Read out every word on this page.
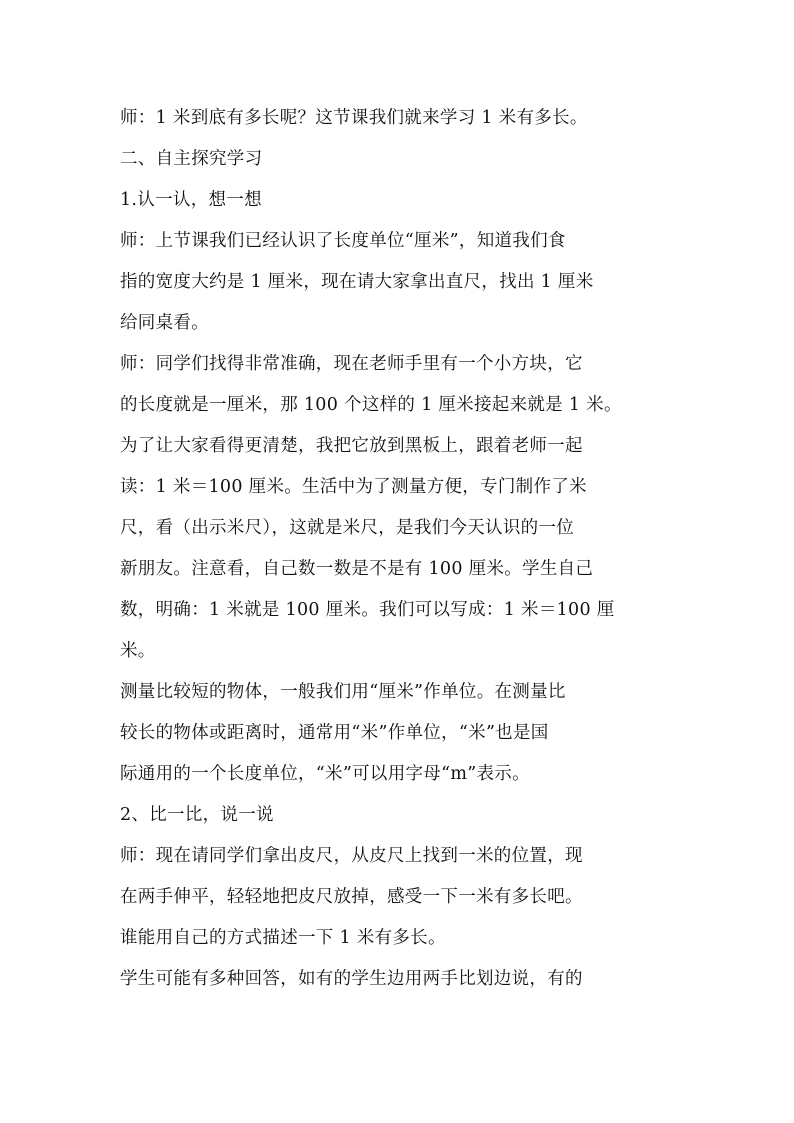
师：1 米到底有多长呢？这节课我们就来学习 1 米有多长。
二、自主探究学习
1.认一认，想一想
师：上节课我们已经认识了长度单位“厘米”，知道我们食
指的宽度大约是 1 厘米，现在请大家拿出直尺，找出 1 厘米
给同桌看。
师：同学们找得非常准确，现在老师手里有一个小方块，它
的长度就是一厘米，那 100 个这样的 1 厘米接起来就是 1 米。
为了让大家看得更清楚，我把它放到黑板上，跟着老师一起
读：1 米＝100 厘米。生活中为了测量方便，专门制作了米
尺，看（出示米尺），这就是米尺，是我们今天认识的一位
新朋友。注意看，自己数一数是不是有 100 厘米。学生自己
数，明确：1 米就是 100 厘米。我们可以写成：1 米＝100 厘
米。
测量比较短的物体，一般我们用“厘米”作单位。在测量比
较长的物体或距离时，通常用“米”作单位，“米”也是国
际通用的一个长度单位，“米”可以用字母“m”表示。
2、比一比，说一说
师：现在请同学们拿出皮尺，从皮尺上找到一米的位置，现
在两手伸平，轻轻地把皮尺放掉，感受一下一米有多长吧。
谁能用自己的方式描述一下 1 米有多长。
学生可能有多种回答，如有的学生边用两手比划边说，有的
